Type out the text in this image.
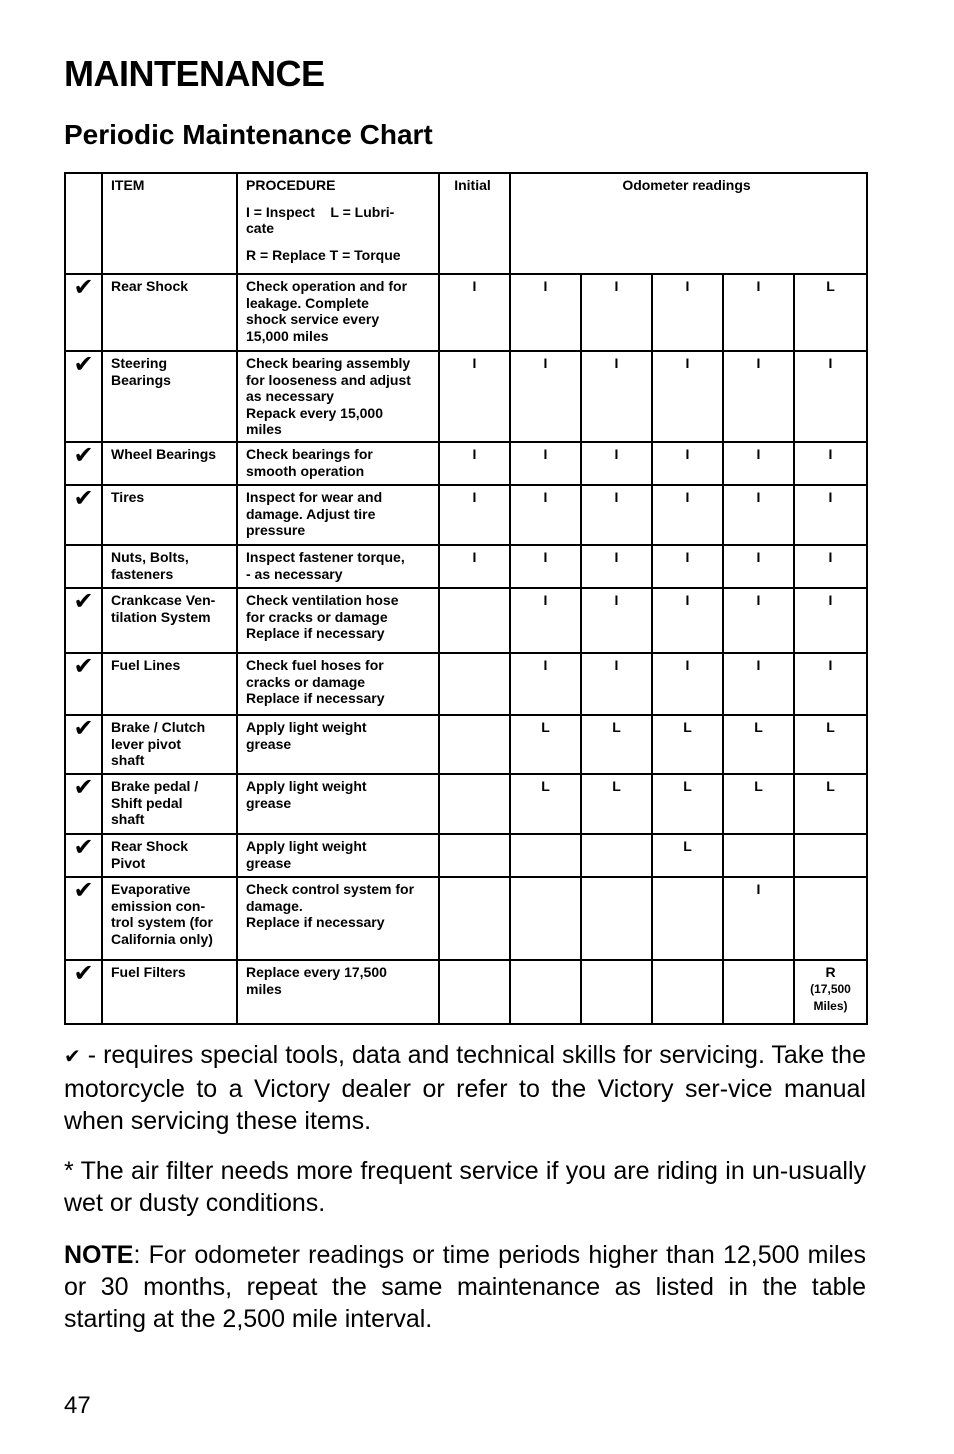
MAINTENANCE
Periodic Maintenance Chart
	ITEM	PROCEDURE
I = Inspect    L = Lubri-
cate
R = Replace T = Torque	Initial	Odometer readings				
✔	Rear Shock	Check operation and for
leakage. Complete
shock service every
15,000 miles	I	I	I	I	I	L

✔	Steering
Bearings	Check bearing assembly
for looseness and adjust
as necessary
Repack every 15,000
miles	I	I	I	I	I	I

✔	Wheel Bearings	Check bearings for
smooth operation	I	I	I	I	I	I

✔	Tires	Inspect for wear and
damage. Adjust tire
pressure	I	I	I	I	I	I

	Nuts, Bolts,
fasteners	Inspect fastener torque,
- as necessary	I	I	I	I	I	I

✔	Crankcase Ven-
tilation System	Check ventilation hose
for cracks or damage
Replace if necessary		I	I	I	I	I

✔	Fuel Lines	Check fuel hoses for
cracks or damage
Replace if necessary		I	I	I	I	I

✔	Brake / Clutch
lever pivot
shaft	Apply light weight
grease		L	L	L	L	L

✔	Brake pedal /
Shift pedal
shaft	Apply light weight
grease		L	L	L	L	L

✔	Rear Shock
Pivot	Apply light weight
grease				L		

✔	Evaporative
emission con-
trol system (for
California only)	Check control system for
damage.
Replace if necessary					I	

✔	Fuel Filters	Replace every 17,500
miles						R
(17,500
Miles)

✔ - requires special tools, data and technical skills for servicing. Take the motorcycle to a Victory dealer or refer to the Victory ser-vice manual when servicing these items.

* The air filter needs more frequent service if you are riding in un-usually wet or dusty conditions.

NOTE: For odometer readings or time periods higher than 12,500 miles or 30 months, repeat the same maintenance as listed in the table starting at the 2,500 mile interval.

47
